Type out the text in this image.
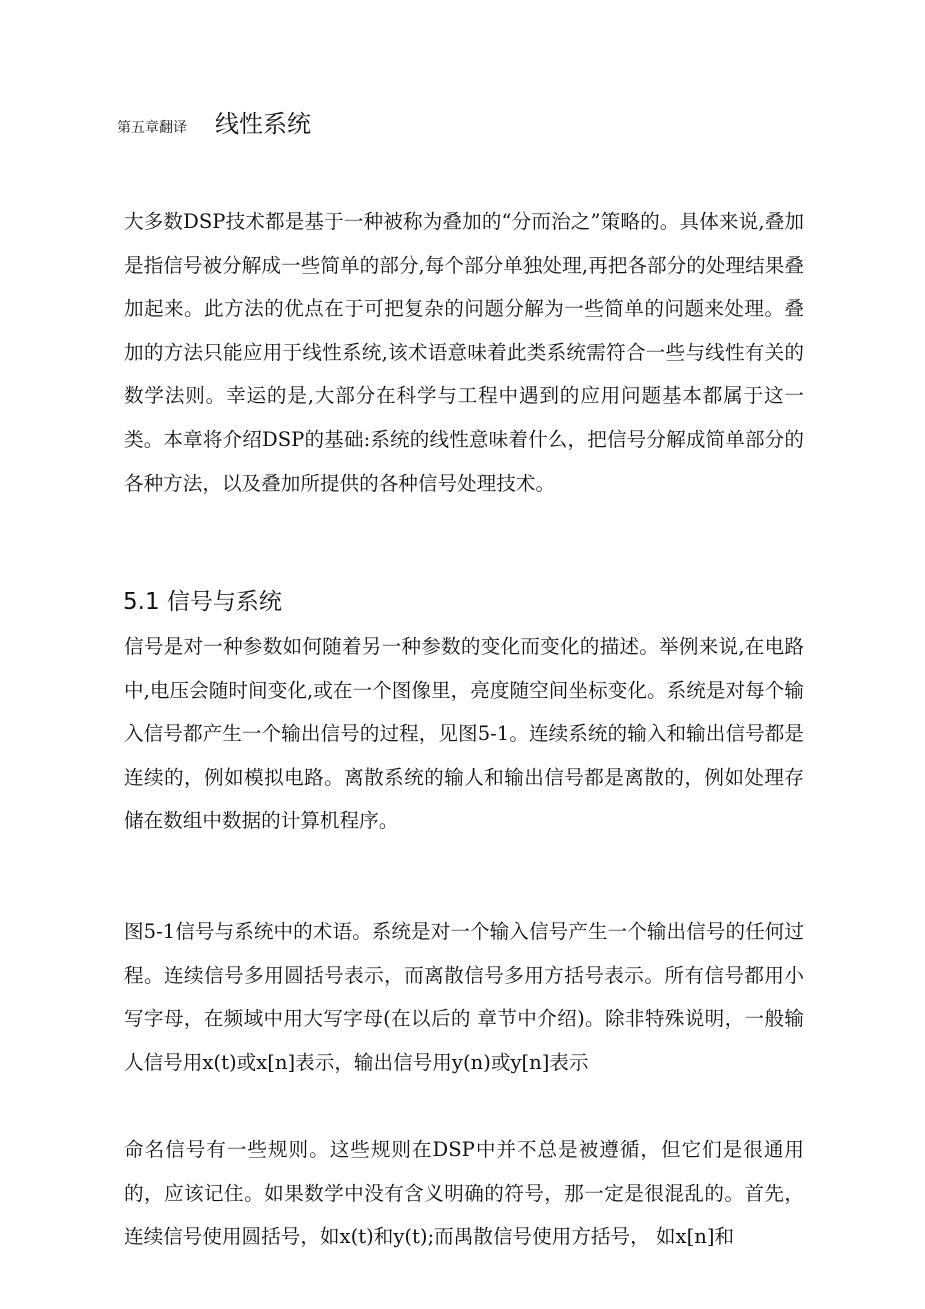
第五章翻译 线性系统

大多数DSP技术都是基于一种被称为叠加的“分而治之”策略的。具体来说,叠加是指信号被分解成一些简单的部分,每个部分单独处理,再把各部分的处理结果叠加起来。此方法的优点在于可把复杂的问题分解为一些简单的问题来处理。叠加的方法只能应用于线性系统,该术语意味着此类系统需符合一些与线性有关的数学法则。幸运的是,大部分在科学与工程中遇到的应用问题基本都属于这一类。本章将介绍DSP的基础:系统的线性意味着什么，把信号分解成简单部分的各种方法，以及叠加所提供的各种信号处理技术。

5.1 信号与系统

信号是对一种参数如何随着另一种参数的变化而变化的描述。举例来说,在电路中,电压会随时间变化,或在一个图像里，亮度随空间坐标变化。系统是对每个输入信号都产生一个输出信号的过程，见图5-1。连续系统的输入和输出信号都是连续的，例如模拟电路。离散系统的输人和输出信号都是离散的，例如处理存储在数组中数据的计算机程序。

图5-1信号与系统中的术语。系统是对一个输入信号产生一个输出信号的任何过程。连续信号多用圆括号表示，而离散信号多用方括号表示。所有信号都用小写字母，在频域中用大写字母(在以后的 章节中介绍)。除非特殊说明，一般输人信号用x(t)或x[n]表示，输出信号用y(n)或y[n]表示

命名信号有一些规则。这些规则在DSP中并不总是被遵循，但它们是很通用的，应该记住。如果数学中没有含义明确的符号，那一定是很混乱的。首先，连续信号使用圆括号，如x(t)和y(t);而禺散信号使用方括号， 如x[n]和
